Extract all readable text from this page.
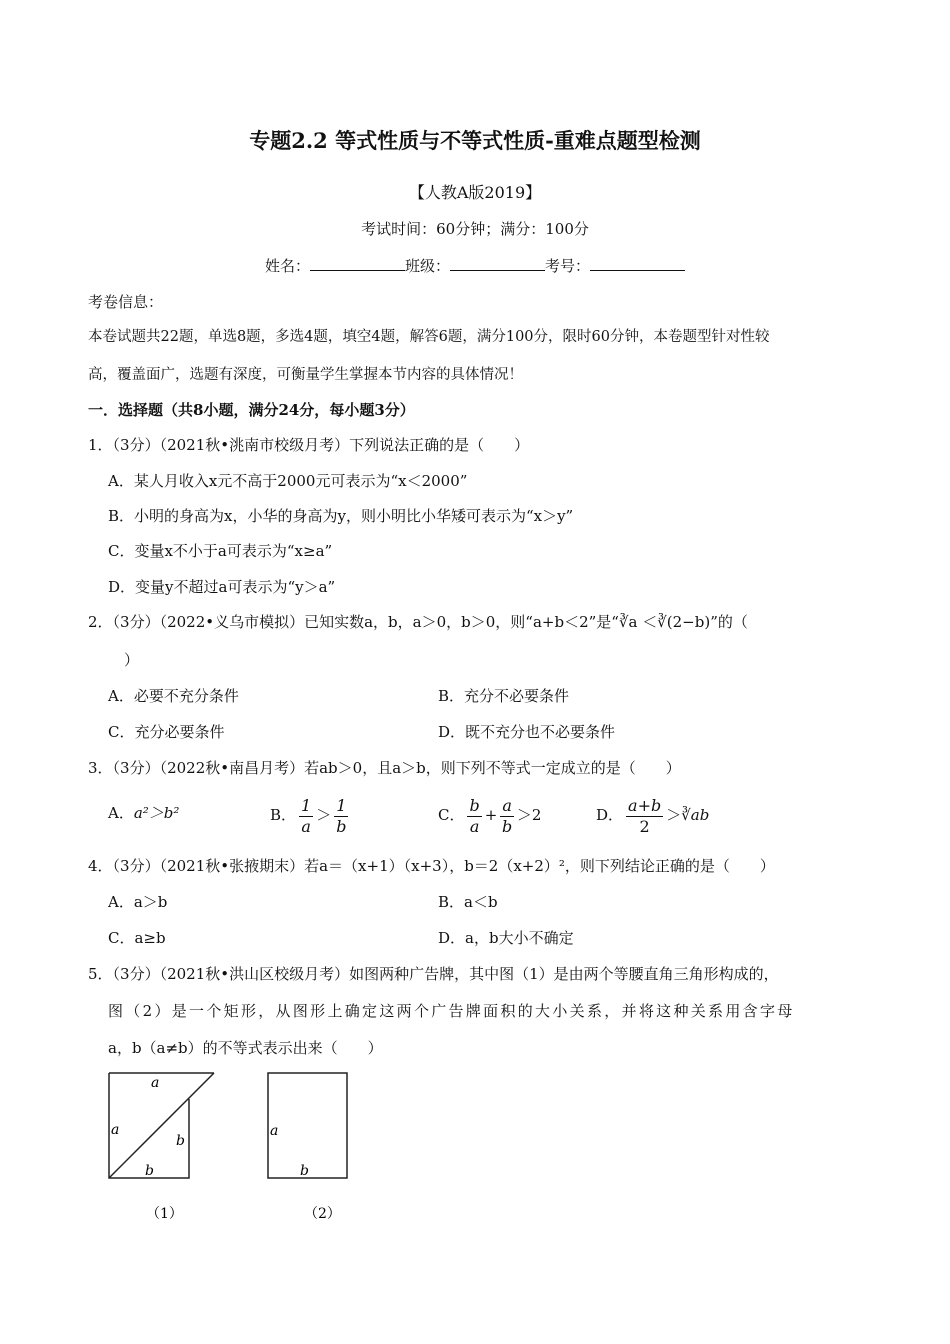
专题2.2 等式性质与不等式性质-重难点题型检测
【人教A版2019】
考试时间：60分钟；满分：100分
姓名：	班级：	考号：
考卷信息：
本卷试题共22题，单选8题，多选4题，填空4题，解答6题，满分100分，限时60分钟，本卷题型针对性较
高，覆盖面广，选题有深度，可衡量学生掌握本节内容的具体情况！
一．选择题（共8小题，满分24分，每小题3分）
1．（3分）（2021秋•洮南市校级月考）下列说法正确的是（　　）
A．某人月收入x元不高于2000元可表示为“x＜2000”
B．小明的身高为x，小华的身高为y，则小明比小华矮可表示为“x＞y”
C．变量x不小于a可表示为“x≥a”
D．变量y不超过a可表示为“y＞a”
2．（3分）（2022•义乌市模拟）已知实数a，b，a＞0，b＞0，则“a+b＜2”是“∛a ＜∛(2−b)”的（
）
A．必要不充分条件	B．充分不必要条件
C．充分必要条件	D．既不充分也不必要条件
3．（3分）（2022秋•南昌月考）若ab＞0，且a＞b，则下列不等式一定成立的是（　　）
A．a²＞b²	B． $\frac{1}{a} > \frac{1}{b}$	C． $\frac{b}{a} + \frac{a}{b} >2$	D． $\frac{a+b}{2}$ ＞∛ab
4．（3分）（2021秋•张掖期末）若a＝（x+1）（x+3），b＝2（x+2）²，则下列结论正确的是（　　）
A．a＞b	B．a＜b
C．a≥b	D．a，b大小不确定
5．（3分）（2021秋•洪山区校级月考）如图两种广告牌，其中图（1）是由两个等腰直角三角形构成的，
图（2）是一个矩形，从图形上确定这两个广告牌面积的大小关系，并将这种关系用含字母
a，b（a≠b）的不等式表示出来（　　）
a
a
b
b
a
b
（1）	（2）
